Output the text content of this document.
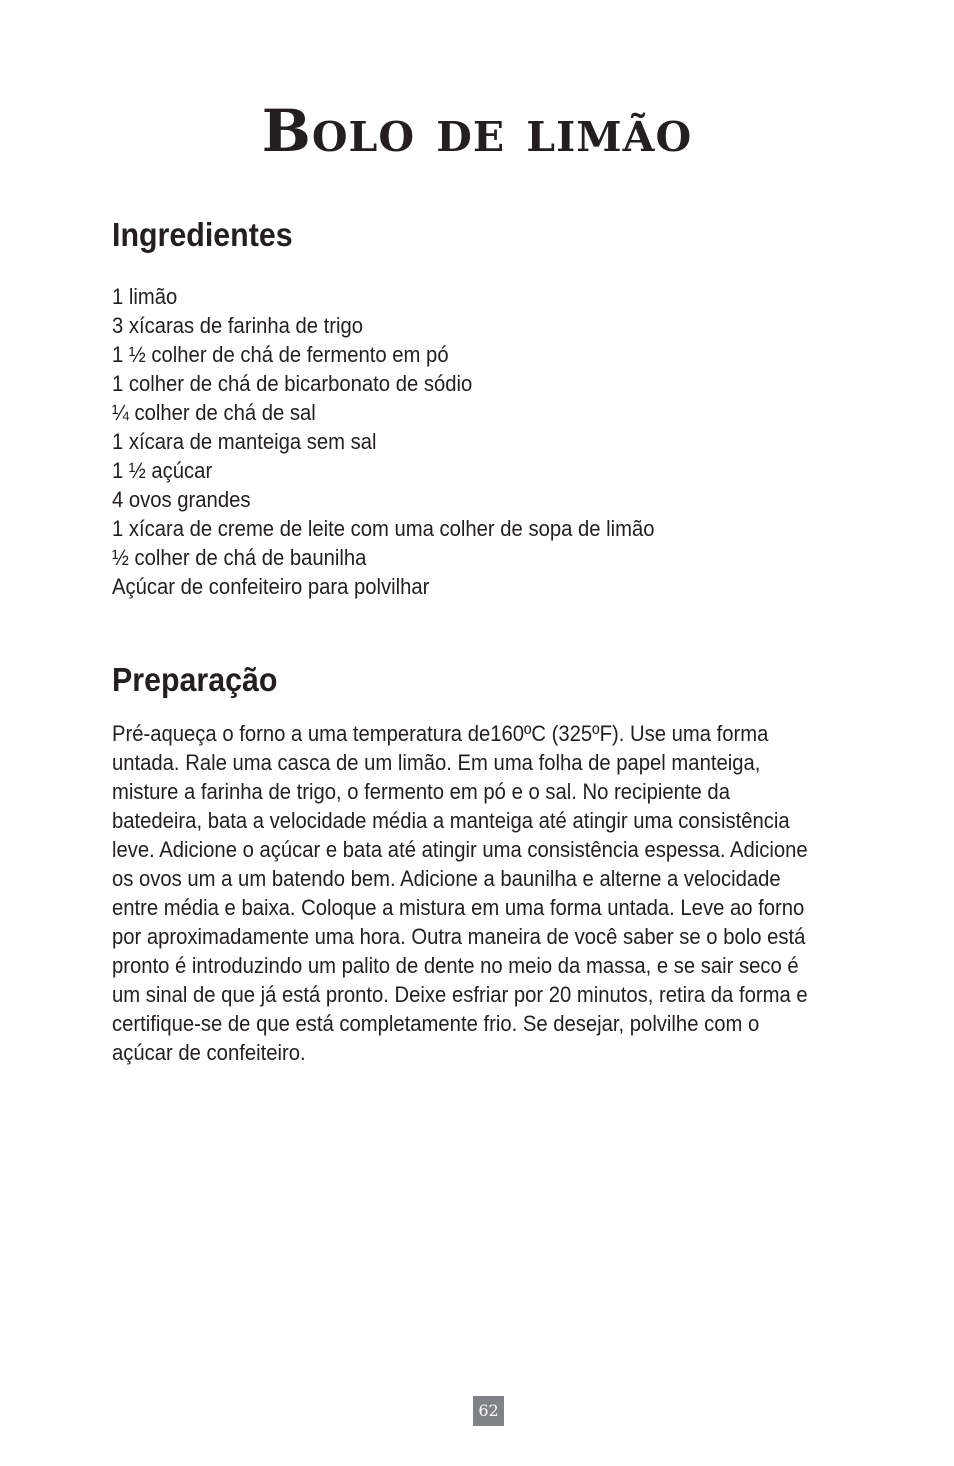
Bolo de limão
Ingredientes
1 limão
3 xícaras de farinha de trigo
1 ½ colher de chá de fermento em pó
1 colher de chá de bicarbonato de sódio
¼ colher de chá de sal
1 xícara de manteiga sem sal
1 ½ açúcar
4 ovos grandes
1 xícara de creme de leite com uma colher de sopa de limão
½ colher de chá de baunilha
Açúcar de confeiteiro para polvilhar
Preparação

Pré-aqueça o forno a uma temperatura de160ºC (325ºF). Use uma forma
untada. Rale uma casca de um limão. Em uma folha de papel manteiga,
misture a farinha de trigo, o fermento em pó e o sal. No recipiente da
batedeira, bata a velocidade média a manteiga até atingir uma consistência
leve. Adicione o açúcar e bata até atingir uma consistência espessa. Adicione
os ovos um a um batendo bem. Adicione a baunilha e alterne a velocidade
entre média e baixa. Coloque a mistura em uma forma untada. Leve ao forno
por aproximadamente uma hora. Outra maneira de você saber se o bolo está
pronto é introduzindo um palito de dente no meio da massa, e se sair seco é
um sinal de que já está pronto. Deixe esfriar por 20 minutos, retira da forma e
certifique-se de que está completamente frio. Se desejar, polvilhe com o
açúcar de confeiteiro.

62
